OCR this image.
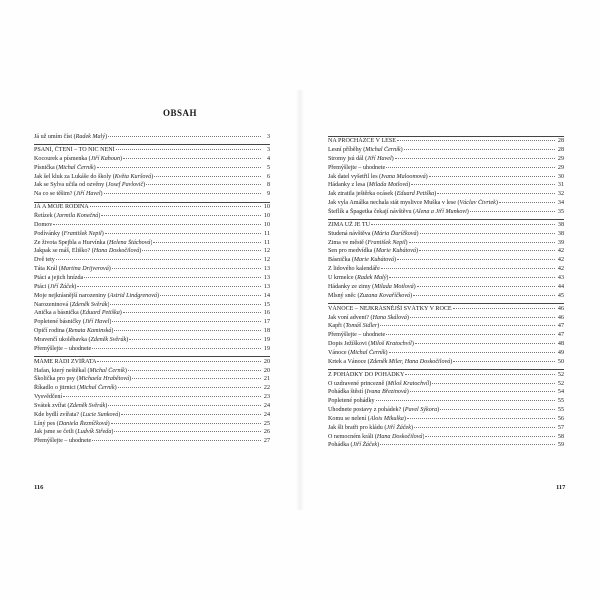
OBSAH
Já už umím číst (Radek Malý)	3
PSANÍ, ČTENÍ – TO NIC NENÍ	3
Kocourek a písmenka (Jiří Kahoun)	4
Písnička (Michal Černík)	5
Jak šel kluk za Lukáše do školy (Květa Kuršová)	6
Jak se Sylva učila od ozvěny (Josef Pavlovič)	8
Na co se těšim? (Jiří Havel)	9
JÁ A MOJE RODINA	10
Řetízek (Jarmila Konečná)	10
Domov	10
Podívánky (František Nepil)	11
Ze života Spejbla a Hurvínka (Helena Štáchová)	11
Jakpak se máš, Eliško? (Hana Doskočilová)	12
Dvě tety	12
Táta Král (Martina Drijverová)	13
Ptáci a jejich hnízda	13
Ptáci (Jiří Žáček)	13
Moje nejkrásnější narozeniny (Astrid Lindgrenová)	14
Narozeninová (Zdeněk Svěrák)	15
Anička a básnička (Eduard Petiška)	16
Popletené básničky (Jiří Havel)	17
Opičí rodina (Renata Kaminská)	18
Mravenčí ukolébavka (Zdeněk Svěrák)	19
Přemýšlejte – uhodnete	19
MÁME RÁDI ZVÍŘATA	20
Hafan, který neštěkal (Michal Černík)	20
Školička pro psy (Michaela Hrabětová)	21
Říkadlo o jitrnici (Michal Černík)	22
Vysvědčení	23
Svátek zvířat (Zdeněk Svěrák)	24
Kde bydlí zvířata? (Lucie Sunková)	24
Líný pes (Daniela Řezníčková)	25
Jak jsme se četli (Ludvík Středa)	26
Přemýšlejte – uhodnete	27
116
NA PROCHÁZCE V LESE	28
Lesní příběhy (Michal Černík)	28
Stromy jsú dál (Jiří Havel)	29
Přemýšlejte – uhodnete	29
Jak datel vyšetřil les (Ivana Maloomová)	30
Hádanky z lesa (Milada Motlová)	31
Jak ztratila ještěrka ocásek (Eduard Petiška)	32
Jak vyla Amálka nechala stát myslivce Muška v lese (Václav Čtvrtek)	34
Šteflík a Špagetka čekají návštěvu (Alena a Jiří Munkovi)	35
ZIMA UŽ JE TU	38
Studená návštěva (Mária Ďuríčková)	38
Zima ve městě (František Nepil)	39
Sen pro medvídka (Marie Kubátová)	42
Básnička (Marie Kubátová)	42
Z lidového kalendáře	42
U krmelce (Radek Malý)	43
Hádanky ze zimy (Milada Motlová)	44
Mlsný sněc (Zuzana Kovaříčková)	45
VÁNOCE – NEJKRÁSNĚJŠÍ SVÁTKY V ROCE	46
Jak voní advent? (Hana Skálová)	46
Kapři (Tomáš Sidler)	47
Přemýšlejte – uhodnete	47
Dopis Ježíškovi (Miloš Kratochvíl)	48
Vánoce (Michal Černík)	49
Krtek a Vánoce (Zdeněk Miler, Hana Doskočilová)	50
Z POHÁDKY DO POHÁDKY	52
O uzdravené princezně (Miloš Kratochvíl)	52
Pohádka štěstí (Ivana Březinová)	54
Popletené pohádky	55
Uhodnete postavy z pohádek? (Pavel Sýkora)	55
Komu se nelení (Alois Mikulka)	56
Jak šli bratři pro kládu (Jiří Žáček)	57
O nemocném králi (Hana Doskočilová)	58
Pohádka (Jiří Žáček)	59
117
